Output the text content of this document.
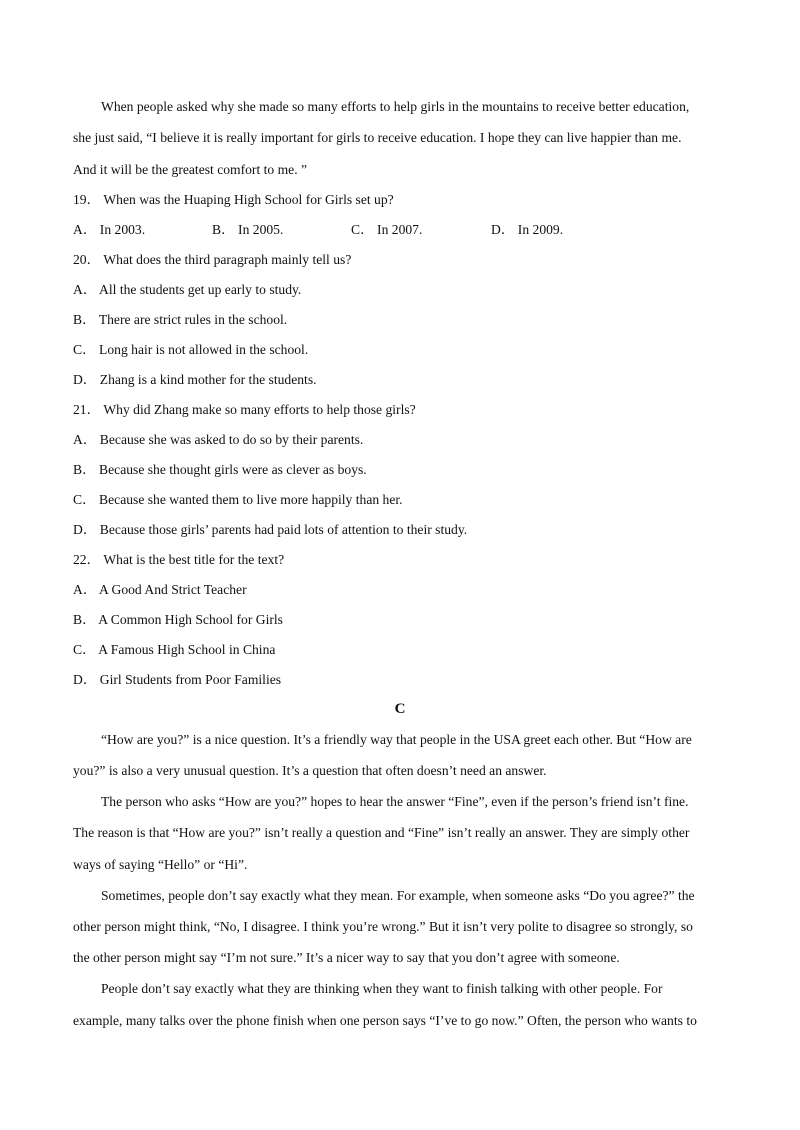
When people asked why she made so many efforts to help girls in the mountains to receive better education,
she just said, “I believe it is really important for girls to receive education. I hope they can live happier than me.
And it will be the greatest comfort to me. ”
19． When was the Huaping High School for Girls set up?
A． In 2003.	B． In 2005.	C． In 2007.	D． In 2009.
20． What does the third paragraph mainly tell us?
A． All the students get up early to study.
B． There are strict rules in the school.
C． Long hair is not allowed in the school.
D． Zhang is a kind mother for the students.
21． Why did Zhang make so many efforts to help those girls?
A． Because she was asked to do so by their parents.
B． Because she thought girls were as clever as boys.
C． Because she wanted them to live more happily than her.
D． Because those girls’ parents had paid lots of attention to their study.
22． What is the best title for the text?
A． A Good And Strict Teacher
B． A Common High School for Girls
C． A Famous High School in China
D． Girl Students from Poor Families
C
“How are you?” is a nice question. It’s a friendly way that people in the USA greet each other. But “How are
you?” is also a very unusual question. It’s a question that often doesn’t need an answer.
The person who asks “How are you?” hopes to hear the answer “Fine”, even if the person’s friend isn’t fine.
The reason is that “How are you?” isn’t really a question and “Fine” isn’t really an answer. They are simply other
ways of saying “Hello” or “Hi”.
Sometimes, people don’t say exactly what they mean. For example, when someone asks “Do you agree?” the
other person might think, “No, I disagree. I think you’re wrong.” But it isn’t very polite to disagree so strongly, so
the other person might say “I’m not sure.” It’s a nicer way to say that you don’t agree with someone.
People don’t say exactly what they are thinking when they want to finish talking with other people. For
example, many talks over the phone finish when one person says “I’ve to go now.” Often, the person who wants to
